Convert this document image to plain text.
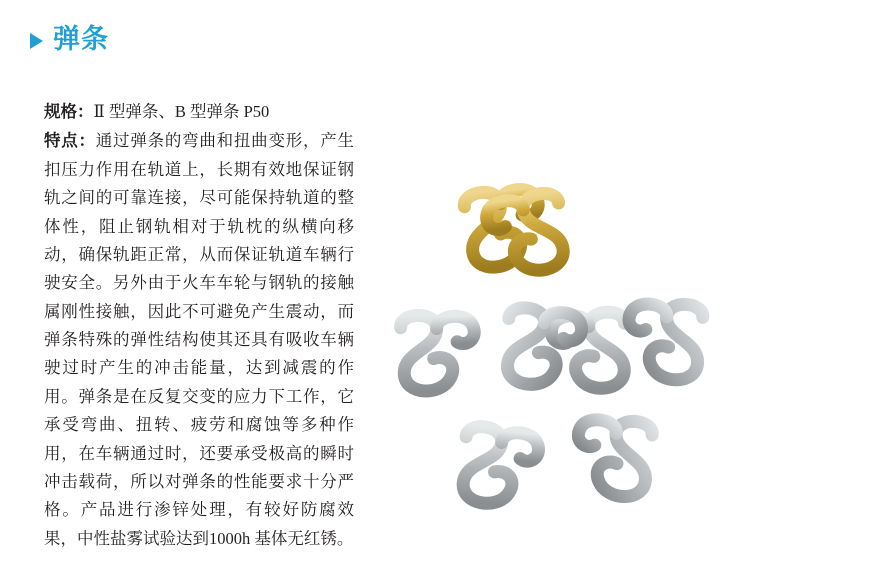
弹条

规格：Ⅱ 型弹条、B 型弹条 P50

特点：通过弹条的弯曲和扭曲变形，产生扣压力作用在轨道上，长期有效地保证钢轨之间的可靠连接，尽可能保持轨道的整体性，阻止钢轨相对于轨枕的纵横向移动，确保轨距正常，从而保证轨道车辆行驶安全。另外由于火车车轮与钢轨的接触属刚性接触，因此不可避免产生震动，而弹条特殊的弹性结构使其还具有吸收车辆驶过时产生的冲击能量，达到减震的作用。弹条是在反复交变的应力下工作，它承受弯曲、扭转、疲劳和腐蚀等多种作用，在车辆通过时，还要承受极高的瞬时冲击载荷，所以对弹条的性能要求十分严格。产品进行渗锌处理，有较好防腐效果，中性盐雾试验达到1000h 基体无红锈。
